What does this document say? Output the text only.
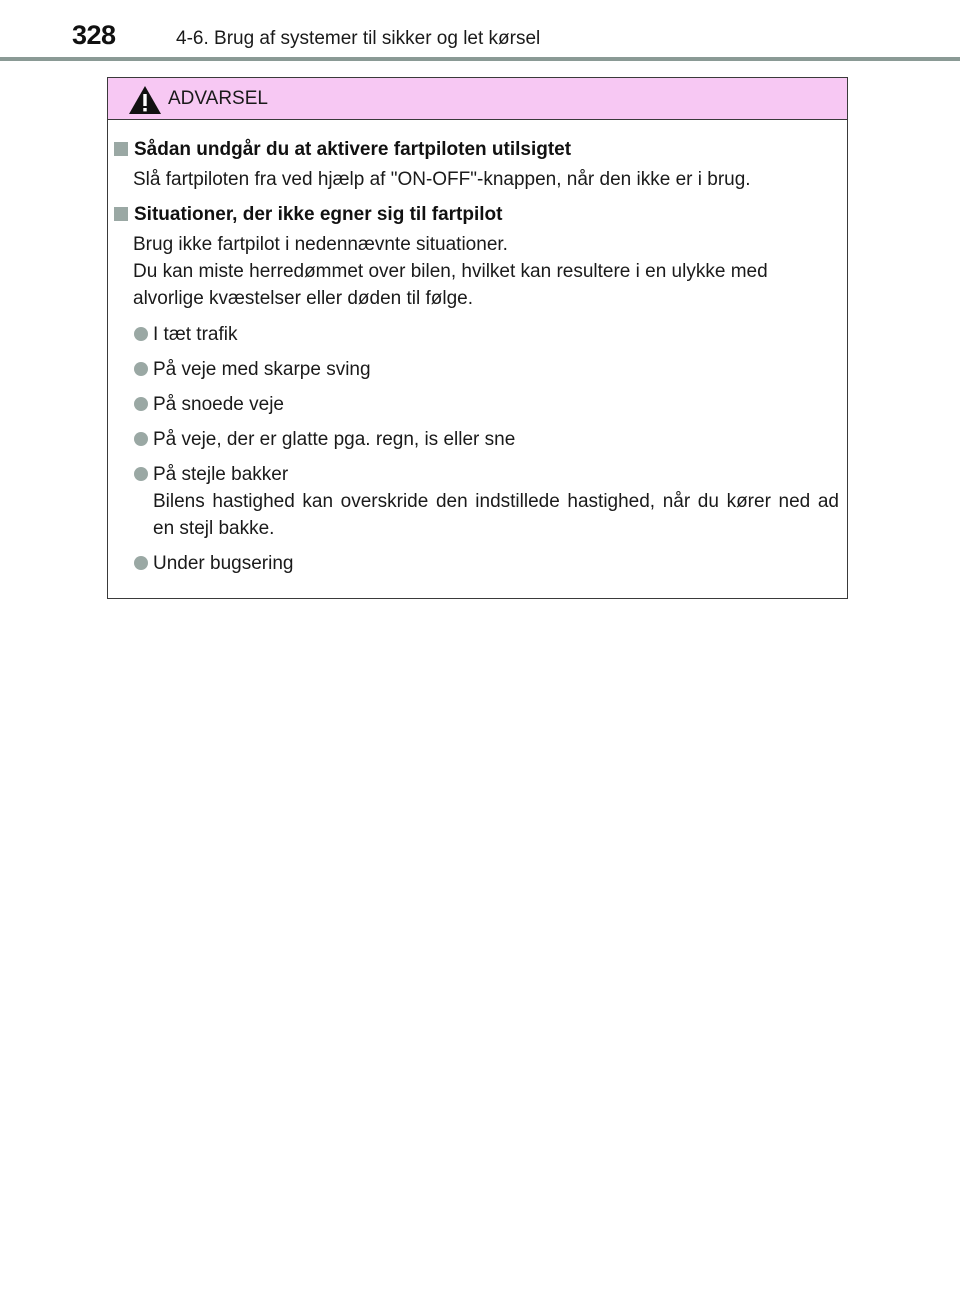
328	4-6. Brug af systemer til sikker og let kørsel
ADVARSEL
Sådan undgår du at aktivere fartpiloten utilsigtet
Slå fartpiloten fra ved hjælp af "ON-OFF"-knappen, når den ikke er i brug.
Situationer, der ikke egner sig til fartpilot
Brug ikke fartpilot i nedennævnte situationer.
Du kan miste herredømmet over bilen, hvilket kan resultere i en ulykke med alvorlige kvæstelser eller døden til følge.
I tæt trafik
På veje med skarpe sving
På snoede veje
På veje, der er glatte pga. regn, is eller sne
På stejle bakker
Bilens hastighed kan overskride den indstillede hastighed, når du kører ned ad en stejl bakke.
Under bugsering
